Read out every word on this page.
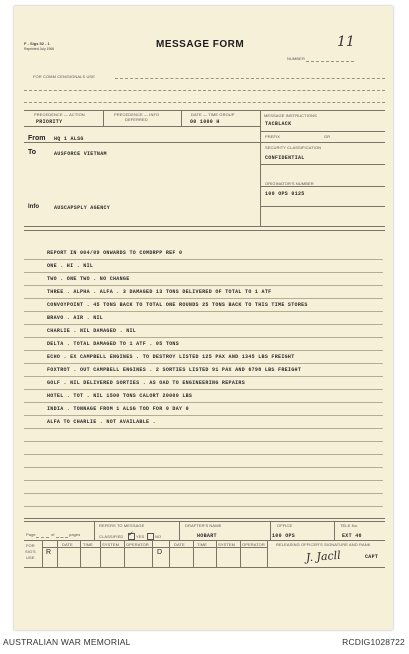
F - Sigs 52 - 1
Reprinted July 1966	MESSAGE FORM
NUMBER
11
FOR COMM CEN/SIGNALS USE
PRECEDENCE — ACTION
PRIORITY
PRECEDENCE — INFO
DEFERRED
DATE — TIME GROUP
00 1000 H
MESSAGE INSTRUCTIONS
TACBLACK
PREFIX	GR
SECURITY CLASSIFICATION
CONFIDENTIAL
ORIGINATOR'S NUMBER
100 OPS 0125
From HQ 1 ALSG
To	AUSFORCE VIETNAM
Info	AUSCAPSPLY AGENCY
REPORT IN 004/09 ONWARDS TO COMDRPP REF 0
ONE . HI . NIL
TWO . ONE TWO . NO CHANGE
THREE . ALPHA . ALFA . 3 DAMAGED 13 TONS DELIVERED OF TOTAL TO 1 ATF
CONVOYPOINT . 45 TONS BACK TO TOTAL ONE ROUNDS 25 TONS BACK TO THIS TIME STORES
BRAVO . AIR . NIL
CHARLIE . NIL DAMAGED . NIL
DELTA . TOTAL DAMAGED TO 1 ATF . 05 TONS
ECHO . EX CAMPBELL ENGINES . TO DESTROY LISTED 125 PAX AND 1345 LBS FREIGHT
FOXTROT . OUT CAMPBELL ENGINES . 2 SORTIES LISTED 91 PAX AND 6798 LBS FREIGHT
GOLF . NIL DELIVERED SORTIES . AS OAD TO ENGINEERING REPAIRS
HOTEL . TOT . NIL 1500 TONS CALORT 20000 LBS
INDIA . TONNAGE FROM 1 ALSG TOD FOR 0 DAY 0
ALFA TO CHARLIE . NOT AVAILABLE .
Page	of	pages
REFERS TO MESSAGE
CLASSIFIED ✓ YES	NO
DRAFTER'S NAME
HOBART
OFFICE
100 OPS
TELE No.
EXT 46
FOR
SIG'S
USE
R
DATE	TIME SYSTEM OPERATOR
D
DATE	TIME	SYSTEM OPERATOR	RELEASING OFFICER'S SIGNATURE AND RANK
CAPT
J. Jacll
AUSTRALIAN WAR MEMORIAL	RCDIG1028722
